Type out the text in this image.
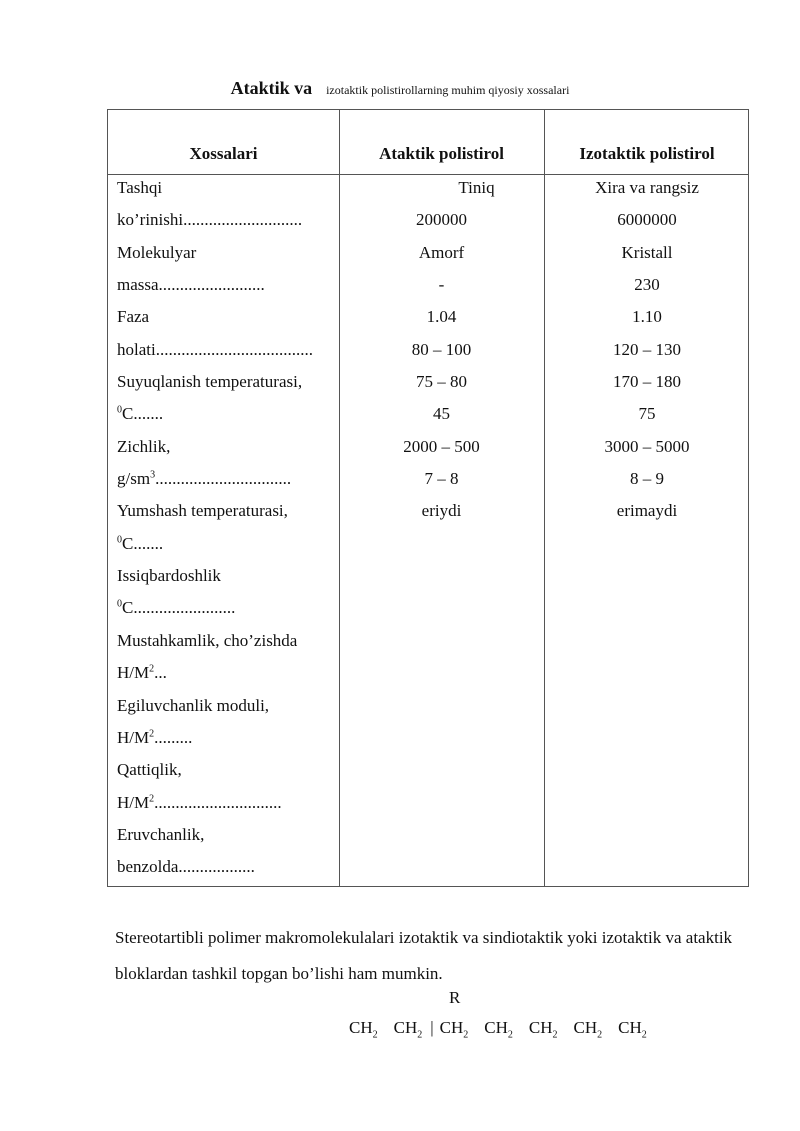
Ataktik va izotaktik polistirollarning muhim qiyosiy xossalari
Xossalari	Ataktik polistirol	Izotaktik polistirol
Tashqi
ko’rinishi............................
Molekulyar
massa.........................
Faza
holati.....................................
Suyuqlanish temperaturasi,
$^0$C.......
Zichlik,
$g/sm^3$................................
Yumshash temperaturasi,
$^0$C.......
Issiqbardoshlik
$^0$C........................
Mustahkamlik, cho’zishda
$H/M^2$...
Egiluvchanlik moduli,
$H/M^2$.........
Qattiqlik,
$H/M^2$..............................
Eruvchanlik,
benzolda..................
Tiniq
200000
Amorf
-
1.04
80 – 100
75 – 80
45
2000 – 500
7 – 8
eriydi
Xira va rangsiz
6000000
Kristall
230
1.10
120 – 130
170 – 180
75
3000 – 5000
8 – 9
erimaydi
Stereotartibli polimer makromolekulalari izotaktik va sindiotaktik yoki izotaktik va ataktik bloklardan tashkil topgan bo’lishi ham mumkin.
R
$CH_2$ $CH_2$ | $CH_2$ $CH_2$ $CH_2$ $CH_2$ $CH_2$
